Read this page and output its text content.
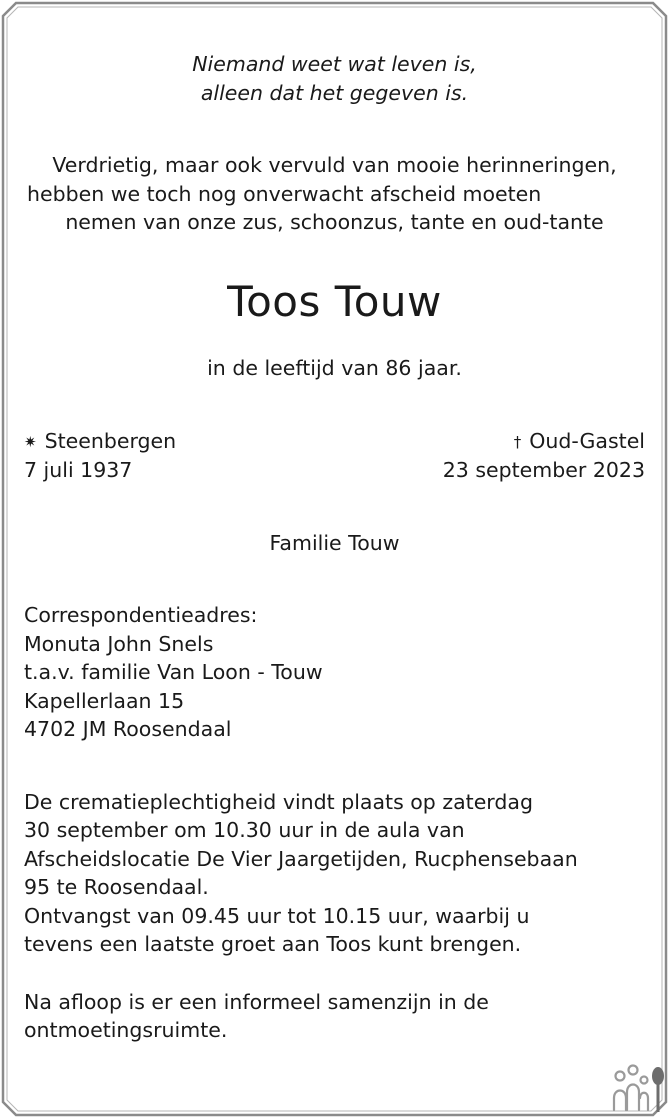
Niemand weet wat leven is,
alleen dat het gegeven is.
Verdrietig, maar ook vervuld van mooie herinneringen,
hebben we toch nog onverwacht afscheid moeten
nemen van onze zus, schoonzus, tante en oud-tante
Toos Touw
in de leeftijd van 86 jaar.
✷ Steenbergen
7 juli 1937
† Oud-Gastel
23 september 2023
Familie Touw
Correspondentieadres:
Monuta John Snels
t.a.v. familie Van Loon - Touw
Kapellerlaan 15
4702 JM Roosendaal
De crematieplechtigheid vindt plaats op zaterdag
30 september om 10.30 uur in de aula van
Afscheidslocatie De Vier Jaargetijden, Rucphensebaan
95 te Roosendaal.
Ontvangst van 09.45 uur tot 10.15 uur, waarbij u
tevens een laatste groet aan Toos kunt brengen.
Na afloop is er een informeel samenzijn in de
ontmoetingsruimte.
